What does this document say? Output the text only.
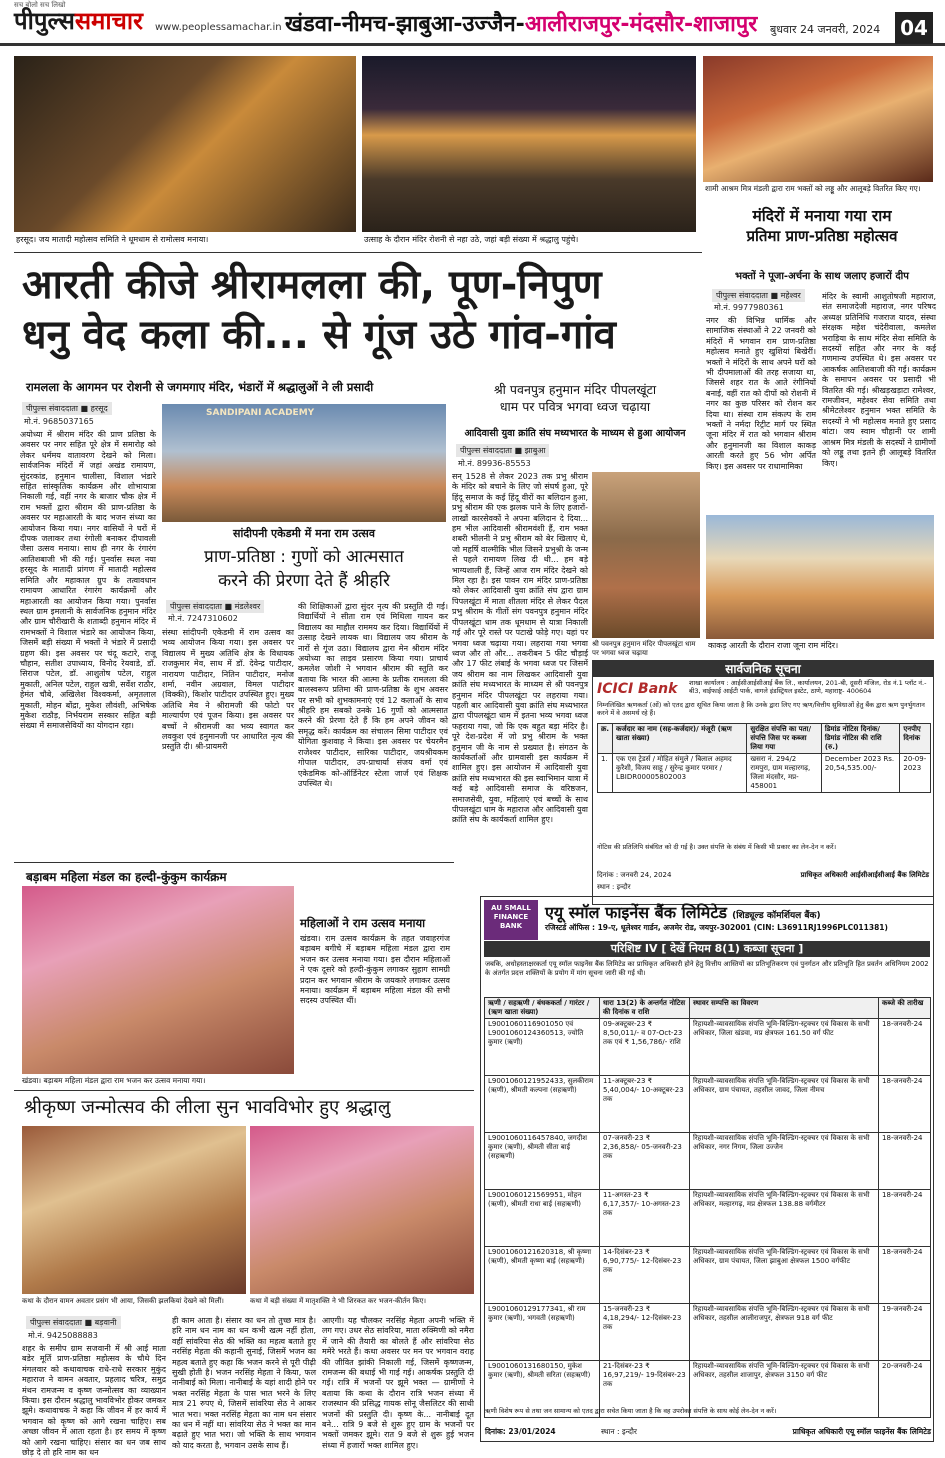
सच बोलो सच लिखो
पीपुल्ससमाचार www.peoplessamachar.in खंडवा-नीमच-झाबुआ-उज्जैन-आलीराजपुर-मंदसौर-शाजापुर बुधवार 24 जनवरी, 2024 04
हरसूद। जय मातादी महोत्सव समिति ने धूमधाम से रामोत्सव मनाया।	उत्साह के दौरान मंदिर रोशनी से नहा उठे, जहां बड़ी संख्या में श्रद्धालु पहुंचे।
शामी आश्रम मित्र मंडली द्वारा राम भक्तों को लड्डू और आलूबड़े वितरित किए गए।
आरती कीजे श्रीरामलला की, पूण-निपुण
धनु वेद कला की... से गूंज उठे गांव-गांव
रामलला के आगमन पर रोशनी से जगमगाए मंदिर, भंडारों में श्रद्धालुओं ने ली प्रसादी
मंदिरों में मनाया गया राम
प्रतिमा प्राण-प्रतिष्ठा महोत्सव
भक्तों ने पूजा-अर्चना के साथ जलाए हजारों दीप
पीपुल्स संवाददाता ■ महेश्वर
मो.नं. 9977980361
नगर की विभिन्न धार्मिक और सामाजिक संस्थाओं ने 22 जनवरी को मंदिरों में भगवान राम प्राण-प्रतिष्ठा महोत्सव मनाते हुए खुशियां बिखेरीं। भक्तों ने मंदिरों के साथ अपने घरों को भी दीपमालाओं की तरह सजाया था, जिससे शहर रात के आते रंगीनियों बनाई, वहीं रात को दीपों को रोशनी में नगर का कुछ परिसर को रोशन कर दिया था। संस्था राम संकल्प के राम भक्तों ने नर्मदा रिट्रीट मार्ग पर स्थित जूना मंदिर में रात को भगवान श्रीराम और हनुमानजी का विशाल काकड़ आरती करते हुए 56 भोग अर्पित किए। इस अवसर पर राधामामिका
मंदिर के स्वामी आशुतोषजी महाराज, संत समाजदेजी महाराज, नगर परिषद अध्यक्ष प्रतिनिधि गजराज यादव, संस्था संरक्षक महेश चंदेरीवाला, कमलेश भराड़िया के साथ मंदिर सेवा समिति के सदस्यों सहित और नगर के कई गणमान्य उपस्थित थे। इस अवसर पर आकर्षक आतिशबाजी की गई। कार्यक्रम के समापन अवसर पर प्रसादी भी वितरित की गई। श्रीखड़खड़ाटा रामेश्वर, रामजीवन, महेश्वर सेवा समिति तथा श्रीमेटलेश्वर हनुमान भक्त समिति के सदस्यों ने भी महोत्सव मनाते हुए प्रसाद बांटा। जय स्वाम चौहानी पर शामी आश्रम मित्र मंडली के सदस्यों ने ग्रामीणों को लड्डू तथा इतने ही आलूबड़े वितरित किए।
काकड़ आरती के दौरान राजा जूना राम मंदिर।
पीपुल्स संवाददाता ■ हरसूद
मो.नं. 9685037165
अयोध्या में श्रीराम मंदिर की प्राण प्रतिष्ठा के अवसर पर नगर सहित पूरे क्षेत्र में समारोह को लेकर धर्ममय वातावरण देखने को मिला। सार्वजनिक मंदिरों में जहां अखंड रामायण, सुंदरकांड, हनुमान चालीसा, विशाल भंडारे सहित सांस्कृतिक कार्यक्रम और शोभायात्रा निकाली गई, वहीं नगर के बाजार चौक क्षेत्र में राम भक्तों द्वारा श्रीराम की प्राण-प्रतिष्ठा के अवसर पर महाआरती के बाद भजन संध्या का आयोजन किया गया। नगर वासियों ने घरों में दीपक जलाकर तथा रंगोली बनाकर दीपावली जैसा उत्सव मनाया। साथ ही नगर के रंगारंग आतिशबाजी भी की गई। पुनर्वास स्थल नया हरसूद के मातादी प्रांगण में मातादी महोत्सव समिति और महाकाल ग्रुप के तत्वावधान रामायण आधारित रंगारंग कार्यक्रमों और महाआरती का आयोजन किया गया। पुनर्वास स्थल ग्राम इमलानी के सार्वजनिक हनुमान मंदिर और ग्राम चौरीखारी के शताब्दी हनुमान मंदिर में रामभक्तों ने विशाल भंडारे का आयोजन किया, जिसमें बड़ी संख्या में भक्तों ने भंडारे में प्रसादी ग्रहण की। इस अवसर पर चंदू कटारे, राजू चौहान, सतीश उपाध्याय, विनोद रेयवाडे, डॉ. सिराज पटेल, डॉ. आशुतोष पटेल, राहुल मुकाती, अनिल पटेल, राहुल खत्री, सर्वेश राठौर, हेमंत चौबे, अखिलेश विश्वकर्मा, अमृतलाल मुकाती, मोहन बोंद्रा, मुकेश लौवंशी, अभिषेक मुकेश राठौड़, निर्भयराम सस्कार सहित बड़ी संख्या में समाजसेवियों का योगदान रहा।
SANDIPANI ACADEMY
सांदीपनी एकेडमी में मना राम उत्सव
प्राण-प्रतिष्ठा : गुणों को आत्मसात
करने की प्रेरणा देते हैं श्रीहरि
पीपुल्स संवाददाता ■ मंडलेश्वर
मो.नं. 7247310602
संस्था सांदीपनी एकेडमी में राम उत्सव का भव्य आयोजन किया गया। इस अवसर पर विद्यालय में मुख्य अतिथि क्षेत्र के विधायक राजकुमार मेव, साथ में डॉ. देवेन्द्र पाटीदार, नारायण पाटीदार, नितिन पाटीदार, मनोज शर्मा, नवीन अग्रवाल, विमल पाटीदार (विक्की), किशोर पाटीदार उपस्थित हुए। मुख्य अतिथि मेव ने श्रीरामजी की फोटो पर माल्यार्पण एवं पूजन किया। इस अवसर पर बच्चों ने श्रीरामजी का भव्य स्वागत कर लवकुश एवं हनुमानजी पर आधारित नृत्य की प्रस्तुति दी। श्री-प्रायमरी
की शिक्षिकाओं द्वारा सुंदर नृत्य की प्रस्तुति दी गई। विद्यार्थियों ने सीता राम एवं मिथिला गायन कर विद्यालय का माहौल राममय कर दिया। विद्यार्थियों में उत्साह देखने लायक था। विद्यालय जय श्रीराम के नारों से गूंज उठा। विद्यालय द्वारा मेन श्रीराम मंदिर अयोध्या का लाइव प्रसारण किया गया। प्राचार्य कमलेश जोशी ने भगवान श्रीराम की स्तुति कर बताया कि भारत की आत्मा के प्रतीक रामलला की बालस्वरूप प्रतिमा की प्राण-प्रतिष्ठा के शुभ अवसर पर सभी को शुभकामनाएं एवं 12 कलाओं के साथ श्रीहरि हम सबको उनके 16 गुणों को आत्मसात करने की प्रेरणा देते हैं कि हम अपने जीवन को समृद्ध करें। कार्यक्रम का संचालन सिमा पाटीदार एवं योगिता कुशवाह ने किया। इस अवसर पर चेयरमैन राजेश्वर पाटीदार, सारिका पाटीदार, जयश्रीयकम गोपाल पाटीदार, उप-प्राचार्या संजय वर्मा एवं एकेडमिक को-ऑर्डिनेटर स्टेला जार्ज एवं शिक्षक उपस्थित थे।
श्री पवनपुत्र हनुमान मंदिर पीपलखूंटा
धाम पर पवित्र भगवा ध्वज चढ़ाया
आदिवासी युवा क्रांति संघ मध्यभारत के माध्यम से हुआ आयोजन
पीपुल्स संवाददाता ■ झाबुआ
मो.नं. 89936-85553
सन् 1528 से लेकर 2023 तक प्रभु श्रीराम के मंदिर को बचाने के लिए जो संघर्ष हुआ, पूरे हिंदू समाज के कई हिंदू वीरों का बलिदान हुआ, प्रभु श्रीराम की एक झलक पाने के लिए हजारों-लाखों कारसेवकों ने अपना बलिदान दे दिया... हम भील आदिवासी श्रीरामवंशी हैं, राम भक्त शबरी भीलनी ने प्रभु श्रीराम को बेर खिलाए थे, जो महर्षि वाल्मीकि भील जिसने प्रभुश्री के जन्म से पहले रामायण लिख दी थी... हम बड़े भाग्यशाली हैं, जिन्हें आज राम मंदिर देखने को मिल रहा है। इस पावन राम मंदिर प्राण-प्रतिष्ठा को लेकर आदिवासी युवा क्रांति संघ द्वारा ग्राम पिपलखूंटा में माता शीतला मंदिर से लेकर पैदल प्रभु श्रीराम के गीतों संग पवनपुत्र हनुमान मंदिर पीपलखूंटा धाम तक धूमधाम से यात्रा निकाली गई और पूरे रास्ते पर पटाखे फोड़े गए। यहां पर भगवा ध्वज चढ़ाया गया। लहराया गया भगवा ध्वज और तो और... तकरीबन 5 फीट चौड़ाई और 17 फीट लंबाई के भगवा ध्वज पर जिसमें जय श्रीराम का नाम लिखकर आदिवासी युवा क्रांति संघ मध्यभारत के माध्यम से श्री पवनपुत्र हनुमान मंदिर पीपलखूंटा पर लहराया गया। पहली बार आदिवासी युवा क्रांति संघ मध्यभारत द्वारा पीपलखूंटा धाम में इतना भव्य भगवा ध्वज फहराया गया, जो कि एक बहुत बड़ा मंदिर है। पूरे देश-प्रदेश में जो प्रभु श्रीराम के भक्त हनुमान जी के नाम से प्रख्यात है। संगठन के कार्यकर्ताओं और ग्रामवासी इस कार्यक्रम में शामिल हुए। इस आयोजन में आदिवासी युवा क्रांति संघ मध्यभारत की इस स्वाभिमान यात्रा में कई बड़े आदिवासी समाज के वरिष्ठजन, समाजसेवी, युवा, महिलाएं एवं बच्चों के साथ पीपलखूंटा धाम के महाराज और आदिवासी युवा क्रांति संघ के कार्यकर्ता शामिल हुए।
श्री पवनपुत्र हनुमान मंदिर पीपलखूंटा धाम पर भगवा ध्वज चढ़ाया
सार्वजनिक सूचना
ICICI Bank शाखा कार्यालय : आईसीआईसीआई बैंक लि., कार्यालयन, 201-बी, दूसरी मंजिल, रोड नं.1 प्लॉट नं.-बी3, वाईफाई आईटी पार्क, वागले इंडस्ट्रियल इस्टेट, ठाणे, महाराष्ट्र- 400604
निम्नलिखित ऋणकर्ता (ओं) को एतद द्वारा सूचित किया जाता है कि उनके द्वारा लिए गए ऋण/वित्तीय सुविधाओं हेतु बैंक द्वारा ऋण पुनर्भुगतान करने में वे असमर्थ रहे हैं।
क्र.	कर्जदार का नाम (सह-कर्जदार)/ मंजूरी (ऋण खाता संख्या)	सुरक्षित संपत्ति का पता/ संपत्ति जिस पर कब्जा लिया गया	डिमांड नोटिस दिनांक/ डिमांड नोटिस की राशि (रु.)	एनपीए दिनांक
1.	एक एस ट्रेडर्स / मोहित संमुले / बिलाल अहमद कुरैशी, विजय साहू / सुरेन्द्र कुमार परमार / LBIDR00005802003	खसरा नं. 294/2 रामपुरा, ग्राम मल्हारगढ़, जिला मंदसौर, मप्र- 458001	December 2023 Rs. 20,54,535.00/-	20-09-2023
नोटिस की प्रतिलिपि संबंधित को दी गई है। उक्त संपत्ति के संबंध में किसी भी प्रकार का लेन-देन न करें।
दिनांक : जनवरी 24, 2024
स्थान : इन्दौर
प्राधिकृत अधिकारी आईसीआईसीआई बैंक लिमिटेड
बड़ाबम महिला मंडल का हल्दी-कुंकुम कार्यक्रम
खंडवा। बड़ाबम महिला मंडल द्वारा राम भजन कर उत्सव मनाया गया।
महिलाओं ने राम उत्सव मनाया
खंडवा। राम उत्सव कार्यक्रम के तहत जवाहरगंज बड़ाबम बगीचे में बड़ाबम महिला मंडल द्वारा राम भजन कर उत्सव मनाया गया। इस दौरान महिलाओं ने एक दूसरे को हल्दी-कुंकुम लगाकर सुहाग सामग्री प्रदान कर भगवान श्रीराम के जयकारे लगाकर उत्सव मनाया। कार्यक्रम में बड़ाबम महिला मंडल की सभी सदस्य उपस्थित थीं।
AU SMALL FINANCE BANK
एयू स्मॉल फाइनेंस बैंक लिमिटेड (शिड्यूल्ड कॉमर्शियल बैंक)
रजिस्टर्ड ऑफिस : 19-ए, धूलेश्वर गार्डन, अजमेर रोड, जयपुर-302001 (CIN: L36911RJ1996PLC011381)
परिशिष्ट IV [ देखें नियम 8(1) कब्जा सूचना ]
जबकि, अधोहस्ताक्षरकर्ता एयू स्मॉल फाइनेंस बैंक लिमिटेड का प्राधिकृत अधिकारी होने हेतु वित्तीय आस्तियों का प्रतिभूतिकरण एवं पुनर्गठन और प्रतिभूति हित प्रवर्तन अधिनियम 2002 के अंतर्गत प्रदत्त शक्तियों के प्रयोग में मांग सूचना जारी की गई थी।
ऋणी / सहऋणी / बंधककर्ता / गारंटर / (ऋण खाता संख्या)	धारा 13(2) के अन्तर्गत नोटिस की दिनांक व राशि	स्थावर सम्पत्ति का विवरण	कब्जे की तारीख
L9001060116901050 एवं L9001060124360513, ज्योति कुमार (ऋणी)	09-अक्टूबर-23 ₹ 8,50,011/- व 07-Oct-23 तक एवं ₹ 1,56,786/- राशि	रिहायशी-व्यावसायिक संपत्ति भूमि-बिल्डिंग-स्ट्रक्चर एवं विकास के सभी अधिकार, जिला खंडवा, मप्र क्षेत्रफल 161.50 वर्ग फीट	18-जनवरी-24
L9001060121952433, सुलकीराम (ऋणी), श्रीमती कल्पना (सहऋणी)	11-अक्टूबर-23 ₹ 5,40,004/- 10-अक्टूबर-23 तक	रिहायशी-व्यावसायिक संपत्ति भूमि-बिल्डिंग-स्ट्रक्चर एवं विकास के सभी अधिकार, ग्राम पंचायत, तहसील जावद, जिला नीमच	18-जनवरी-24
L9001060116457840, जगदीश कुमार (ऋणी), श्रीमती सीता बाई (सहऋणी)	07-जनवरी-23 ₹ 2,36,858/- 05-जनवरी-23 तक	रिहायशी-व्यावसायिक संपत्ति भूमि-बिल्डिंग-स्ट्रक्चर एवं विकास के सभी अधिकार, नगर निगम, जिला उज्जैन	18-जनवरी-24
L9001060121569951, मोहन (ऋणी), श्रीमती राधा बाई (सहऋणी)	11-अगस्त-23 ₹ 6,17,357/- 10-अगस्त-23 तक	रिहायशी-व्यावसायिक संपत्ति भूमि-बिल्डिंग-स्ट्रक्चर एवं विकास के सभी अधिकार, मल्हारगढ़, मप्र क्षेत्रफल 138.88 वर्गमीटर	18-जनवरी-24
L9001060121620318, श्री कृष्णा (ऋणी), श्रीमती कृष्णा बाई (सहऋणी)	14-दिसंबर-23 ₹ 6,90,775/- 12-दिसंबर-23 तक	रिहायशी-व्यावसायिक संपत्ति भूमि-बिल्डिंग-स्ट्रक्चर एवं विकास के सभी अधिकार, ग्राम पंचायत, जिला झाबुआ क्षेत्रफल 1500 वर्गफीट	18-जनवरी-24
L9001060129177341, श्री राम कुमार (ऋणी), भगवती (सहऋणी)	15-जनवरी-23 ₹ 4,18,294/- 12-दिसंबर-23 तक	रिहायशी-व्यावसायिक संपत्ति भूमि-बिल्डिंग-स्ट्रक्चर एवं विकास के सभी अधिकार, तहसील आलीराजपुर, क्षेत्रफल 918 वर्ग फीट	19-जनवरी-24
L9001060131680150, मुकेश कुमार (ऋणी), श्रीमती सरिता (सहऋणी)	21-दिसंबर-23 ₹ 16,97,219/- 19-दिसंबर-23 तक	रिहायशी-व्यावसायिक संपत्ति भूमि-बिल्डिंग-स्ट्रक्चर एवं विकास के सभी अधिकार, तहसील शाजापुर, क्षेत्रफल 3150 वर्ग फीट	20-जनवरी-24
ऋणी विशेष रूप से तथा जन सामान्य को एतद द्वारा सचेत किया जाता है कि वह उपरोक्त संपत्ति के साथ कोई लेन-देन न करें।
दिनांक: 23/01/2024	स्थान : इन्दौर	प्राधिकृत अधिकारी एयू स्मॉल फाइनेंस बैंक लिमिटेड
श्रीकृष्ण जन्मोत्सव की लीला सुन भावविभोर हुए श्रद्धालु
कथा के दौरान वामन अवतार प्रसंग भी आया, जिसकी झलकियां देखने को मिलीं।	कथा में बड़ी संख्या में मातृशक्ति ने भी शिरकत कर भजन-कीर्तन किए।
पीपुल्स संवाददाता ■ बड़वानी
मो.नं. 9425088883
शहर के समीप ग्राम सजवानी में श्री आई माता बडेर मूर्ति प्राण-प्रतिष्ठा महोत्सव के चौथे दिन मंगलवार को कथावाचक राधे-राधे सरकार मुकुंद महाराज ने वामन अवतार, प्रहलाद चरित्र, समुद्र मंथन रामजन्म व कृष्ण जन्मोत्सव का व्याख्यान किया। इस दौरान श्रद्धालु भावविभोर होकर जमकर झूमे। कथावाचक ने कहा कि जीवन में हर कार्य में भगवान को कृष्ण को आगे रखना चाहिए। सब अच्छा जीवन में आता रहता है। हर समय में कृष्ण को आगे रखना चाहिए। संसार का धन जब साथ छोड़ दे तो हरि नाम का धन
ही काम आता है। संसार का धन तो तुच्छ मात्र है। हरि नाम धन नाम का धन कभी खत्म नहीं होता, वहीं सांवरिया सेठ की भक्ति का महत्व बताते हुए नरसिंह मेहता की कहानी सुनाई, जिसमें भजन का महत्व बताते हुए कहा कि भजन करने से पूरी पीढ़ी सुखी होती है। भजन नरसिंह मेहता ने किया, फल नानीबाई को मिला। नानीबाई के यहां शादी होने पर भक्त नरसिंह मेहता के पास भात भरने के लिए मात्र 21 रुपए थे, जिसमें सांवरिया सेठ ने आकर भात भरा। भक्त नरसिंह मेहता का नाम धन संसार का धन में नहीं था। सांवरिया सेठ ने भक्त का मान बढ़ाते हुए भात भरा। जो भक्ति के साथ भगवान को याद करता है, भगवान उसके साथ हैं।
आएगी। यह चौलकर नरसिंह मेहता अपनी भक्ति में लग गए। उधर सेठ सांवरिया, माता रुक्मिणी को नमैरा में जाने की तैयारी का बोलते हैं और सांवरिया सेठ ममेरे भरते हैं। कथा अवसर पर मन पर भगवान वराह की जीवित झांकी निकाली गई, जिसमें कृष्णजन्म, रामजन्म की बधाई भी गाई गई। आकर्षक प्रस्तुति दी गई। रात्रि में भजनों पर झूमे भक्त — ग्रामीणों ने बताया कि कथा के दौरान रात्रि भजन संध्या में राजस्थान की प्रसिद्ध गायक साेनू जैसलिटर की साथी भजनों की प्रस्तुति दी। कृष्ण के... नानीबाई दूत बने... रात्रि 9 बजे से शुरू हुए ग्राम के भजनों पर भक्तों जमकर झूमे। रात 9 बजे से शुरू हुई भजन संध्या में हजारों भक्त शामिल हुए।
